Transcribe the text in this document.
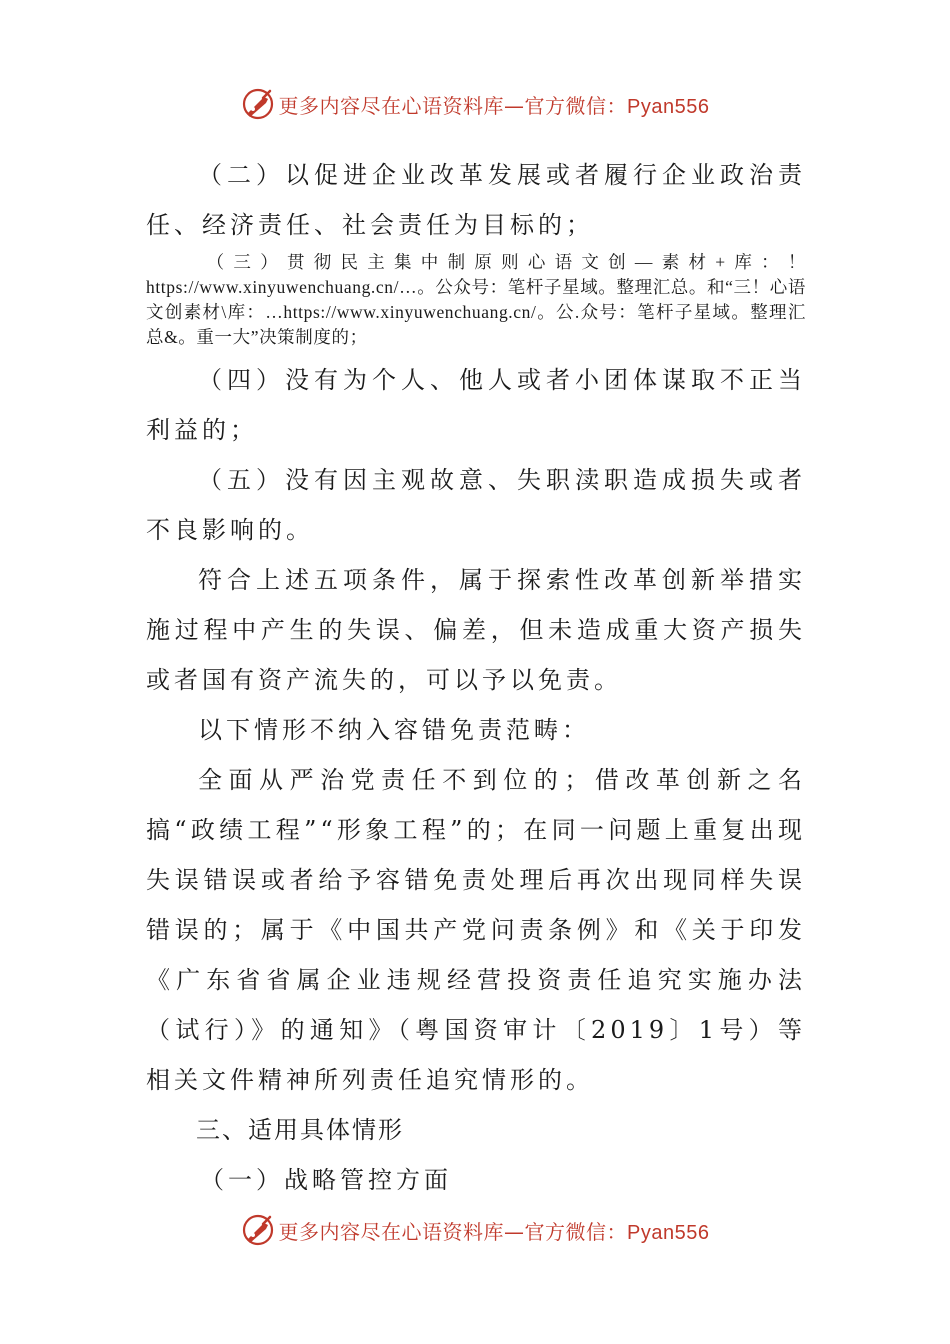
更多内容尽在心语资料库—官方微信：Pyan556

（二）以促进企业改革发展或者履行企业政治责任、经济责任、社会责任为目标的；

（三）贯彻民主集中制原则心语文创—素材+库：！https://www.xinyuwenchuang.cn/…。公众号：笔杆子星域。整理汇总。和“三！心语文创素材\库：…https://www.xinyuwenchuang.cn/。公.众号：笔杆子星域。整理汇总&。重一大”决策制度的；

（四）没有为个人、他人或者小团体谋取不正当利益的；

（五）没有因主观故意、失职渎职造成损失或者不良影响的。

符合上述五项条件，属于探索性改革创新举措实施过程中产生的失误、偏差，但未造成重大资产损失或者国有资产流失的，可以予以免责。

以下情形不纳入容错免责范畴：

全面从严治党责任不到位的；借改革创新之名搞“政绩工程”“形象工程”的；在同一问题上重复出现失误错误或者给予容错免责处理后再次出现同样失误错误的；属于《中国共产党问责条例》和《关于印发《广东省省属企业违规经营投资责任追究实施办法（试行）》的通知》（粤国资审计〔2019〕1号）等相关文件精神所列责任追究情形的。

三、适用具体情形

（一）战略管控方面

更多内容尽在心语资料库—官方微信：Pyan556
